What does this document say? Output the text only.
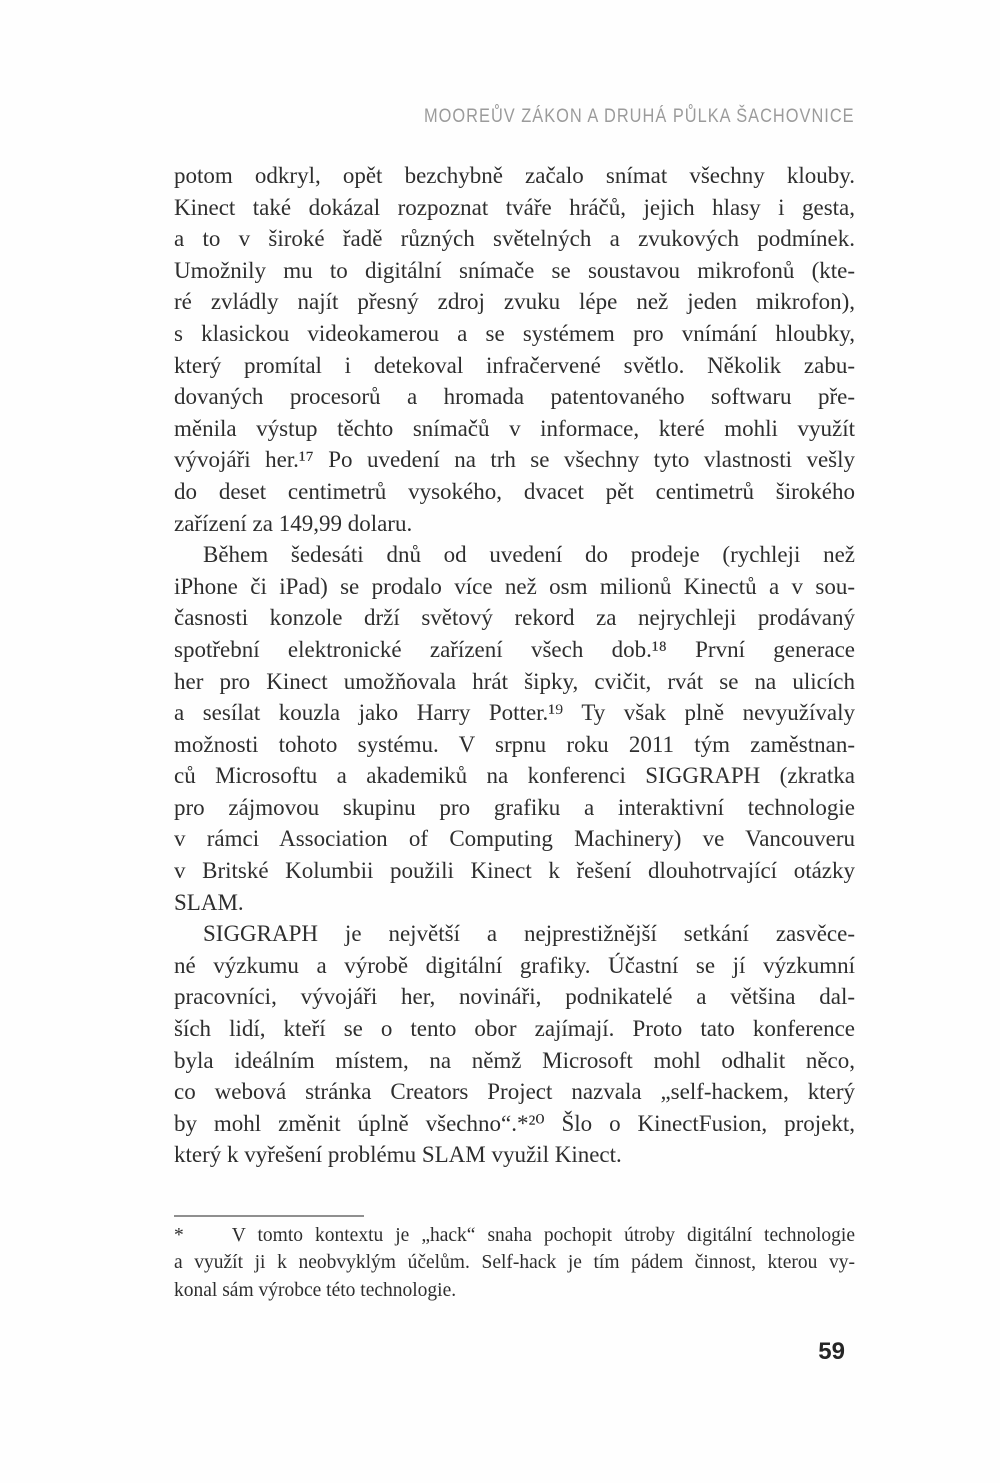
MOOREŮV ZÁKON A DRUHÁ PŮLKA ŠACHOVNICE
potom odkryl, opět bezchybně začalo snímat všechny klouby.
Kinect také dokázal rozpoznat tváře hráčů, jejich hlasy i gesta,
a to v široké řadě různých světelných a zvukových podmínek.
Umožnily mu to digitální snímače se soustavou mikrofonů (kte-
ré zvládly najít přesný zdroj zvuku lépe než jeden mikrofon),
s klasickou videokamerou a se systémem pro vnímání hloubky,
který promítal i detekoval infračervené světlo. Několik zabu-
dovaných procesorů a hromada patentovaného softwaru pře-
měnila výstup těchto snímačů v informace, které mohli využít
vývojáři her.¹⁷ Po uvedení na trh se všechny tyto vlastnosti vešly
do deset centimetrů vysokého, dvacet pět centimetrů širokého
zařízení za 149,99 dolaru.
Během šedesáti dnů od uvedení do prodeje (rychleji než
iPhone či iPad) se prodalo více než osm milionů Kinectů a v sou-
časnosti konzole drží světový rekord za nejrychleji prodávaný
spotřební elektronické zařízení všech dob.¹⁸ První generace
her pro Kinect umožňovala hrát šipky, cvičit, rvát se na ulicích
a sesílat kouzla jako Harry Potter.¹⁹ Ty však plně nevyužívaly
možnosti tohoto systému. V srpnu roku 2011 tým zaměstnan-
ců Microsoftu a akademiků na konferenci SIGGRAPH (zkratka
pro zájmovou skupinu pro grafiku a interaktivní technologie
v rámci Association of Computing Machinery) ve Vancouveru
v Britské Kolumbii použili Kinect k řešení dlouhotrvající otázky
SLAM.
SIGGRAPH je největší a nejprestižnější setkání zasvěce-
né výzkumu a výrobě digitální grafiky. Účastní se jí výzkumní
pracovníci, vývojáři her, novináři, podnikatelé a většina dal-
ších lidí, kteří se o tento obor zajímají. Proto tato konference
byla ideálním místem, na němž Microsoft mohl odhalit něco,
co webová stránka Creators Project nazvala „self-hackem, který
by mohl změnit úplně všechno“.*²⁰ Šlo o KinectFusion, projekt,
který k vyřešení problému SLAM využil Kinect.
*    V tomto kontextu je „hack“ snaha pochopit útroby digitální technologie
a využít ji k neobvyklým účelům. Self-hack je tím pádem činnost, kterou vy-
konal sám výrobce této technologie.
59
